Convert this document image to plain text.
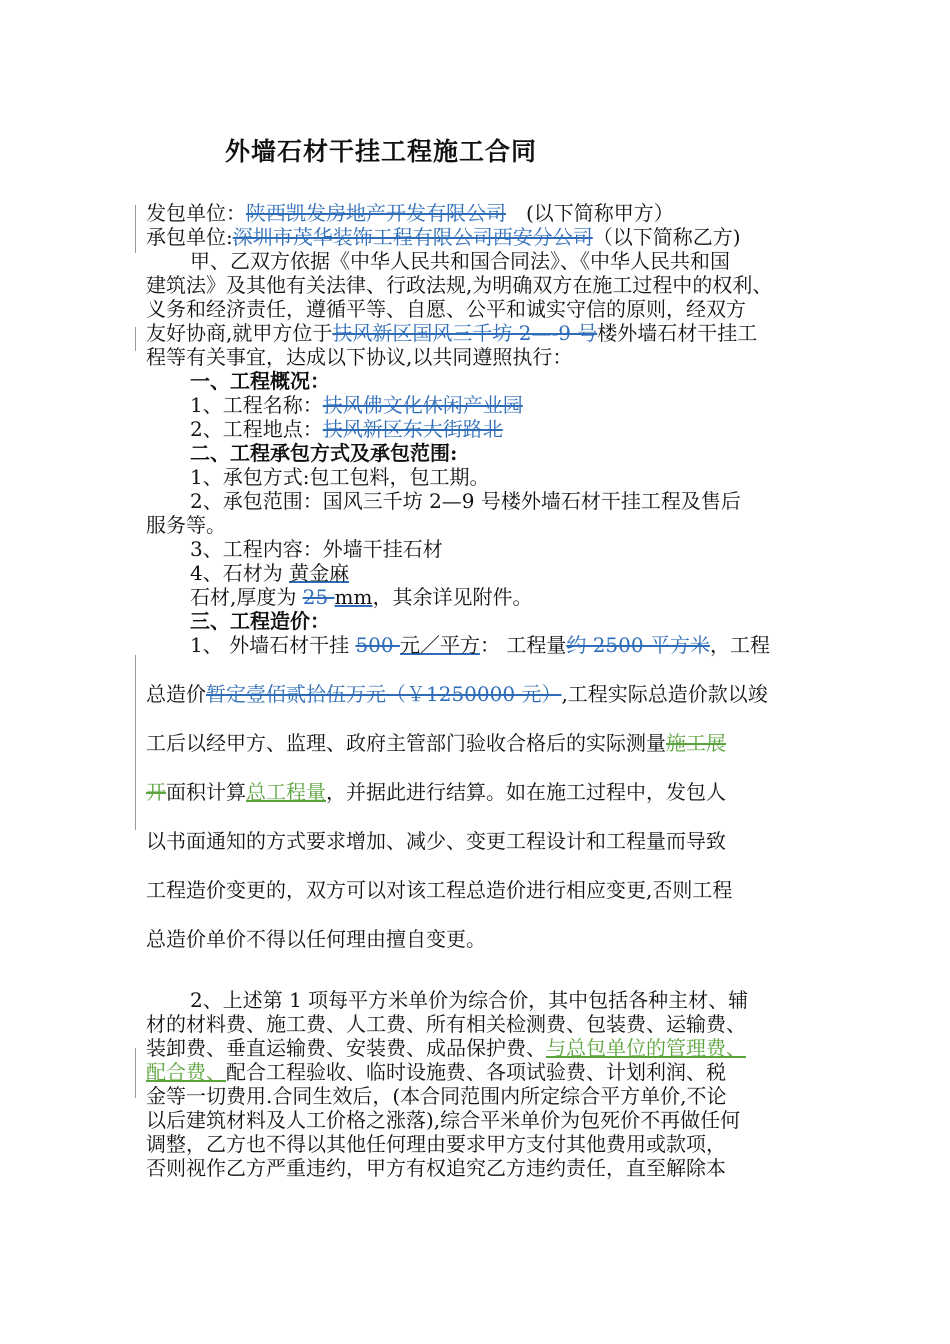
外墙石材干挂工程施工合同
发包单位：陕西凯发房地产开发有限公司　(以下简称甲方）
承包单位:深圳市茂华装饰工程有限公司西安分公司（以下简称乙方)
甲、乙双方依据《中华人民共和国合同法》、《中华人民共和国
建筑法》及其他有关法律、行政法规,为明确双方在施工过程中的权利、
义务和经济责任，遵循平等、自愿、公平和诚实守信的原则，经双方
友好协商,就甲方位于扶风新区国风三千坊 2—-9 号楼外墙石材干挂工
程等有关事宜，达成以下协议,以共同遵照执行：
一、工程概况：
1、工程名称：扶风佛文化休闲产业园
2、工程地点：扶风新区东大街路北
二、工程承包方式及承包范围:
1、承包方式:包工包料，包工期。
2、承包范围：国风三千坊 2—9 号楼外墙石材干挂工程及售后
服务等。
3、工程内容：外墙干挂石材
4、石材为 黄金麻
石材,厚度为 25 mm，其余详见附件。
三、工程造价：
1、 外墙石材干挂 500 元／平方： 工程量约 2500 平方米，工程
总造价暂定壹佰贰拾伍万元（￥1250000 元）,工程实际总造价款以竣
工后以经甲方、监理、政府主管部门验收合格后的实际测量施工展
开面积计算总工程量，并据此进行结算。如在施工过程中，发包人
以书面通知的方式要求增加、减少、变更工程设计和工程量而导致
工程造价变更的，双方可以对该工程总造价进行相应变更,否则工程
总造价单价不得以任何理由擅自变更。
2、上述第 1 项每平方米单价为综合价，其中包括各种主材、辅
材的材料费、施工费、人工费、所有相关检测费、包装费、运输费、
装卸费、垂直运输费、安装费、成品保护费、与总包单位的管理费、
配合费、配合工程验收、临时设施费、各项试验费、计划利润、税
金等一切费用.合同生效后，(本合同范围内所定综合平方单价,不论
以后建筑材料及人工价格之涨落),综合平米单价为包死价不再做任何
调整，乙方也不得以其他任何理由要求甲方支付其他费用或款项，
否则视作乙方严重违约，甲方有权追究乙方违约责任，直至解除本
